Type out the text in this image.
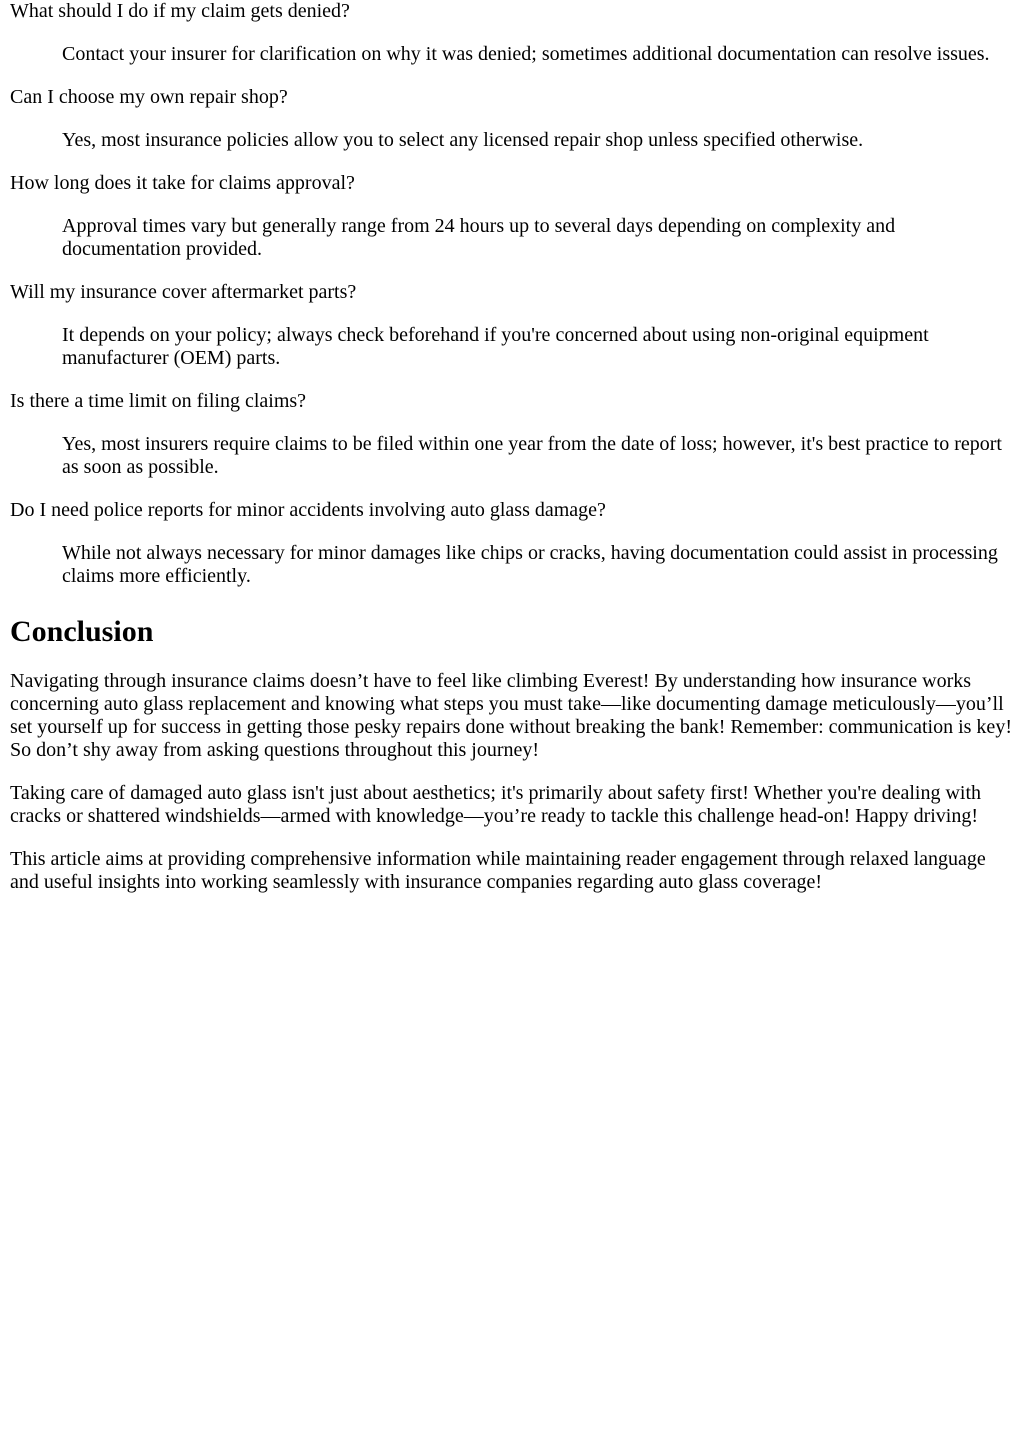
What should I do if my claim gets denied?
Contact your insurer for clarification on why it was denied; sometimes additional documentation can resolve issues.
Can I choose my own repair shop?
Yes, most insurance policies allow you to select any licensed repair shop unless specified otherwise.
How long does it take for claims approval?
Approval times vary but generally range from 24 hours up to several days depending on complexity and documentation provided.
Will my insurance cover aftermarket parts?
It depends on your policy; always check beforehand if you're concerned about using non-original equipment manufacturer (OEM) parts.
Is there a time limit on filing claims?
Yes, most insurers require claims to be filed within one year from the date of loss; however, it's best practice to report as soon as possible.
Do I need police reports for minor accidents involving auto glass damage?
While not always necessary for minor damages like chips or cracks, having documentation could assist in processing claims more efficiently.
Conclusion

Navigating through insurance claims doesn’t have to feel like climbing Everest! By understanding how insurance works concerning auto glass replacement and knowing what steps you must take—like documenting damage meticulously—you’ll set yourself up for success in getting those pesky repairs done without breaking the bank! Remember: communication is key! So don’t shy away from asking questions throughout this journey!

Taking care of damaged auto glass isn't just about aesthetics; it's primarily about safety first! Whether you're dealing with cracks or shattered windshields—armed with knowledge—you’re ready to tackle this challenge head-on! Happy driving!

This article aims at providing comprehensive information while maintaining reader engagement through relaxed language and useful insights into working seamlessly with insurance companies regarding auto glass coverage!
